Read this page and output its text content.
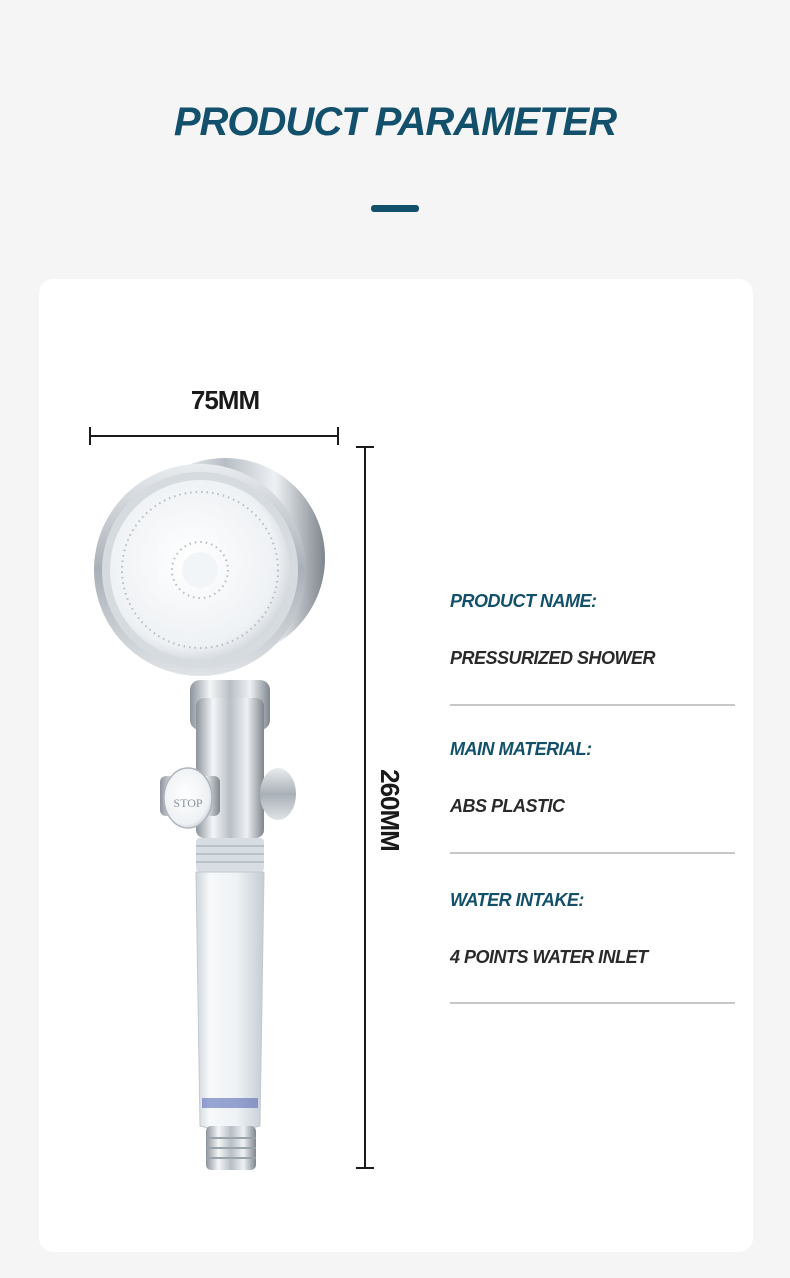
PRODUCT PARAMETER
75MM
260MM
STOP

PRODUCT NAME:

PRESSURIZED SHOWER

MAIN MATERIAL:

ABS PLASTIC

WATER INTAKE:

4 POINTS WATER INLET
